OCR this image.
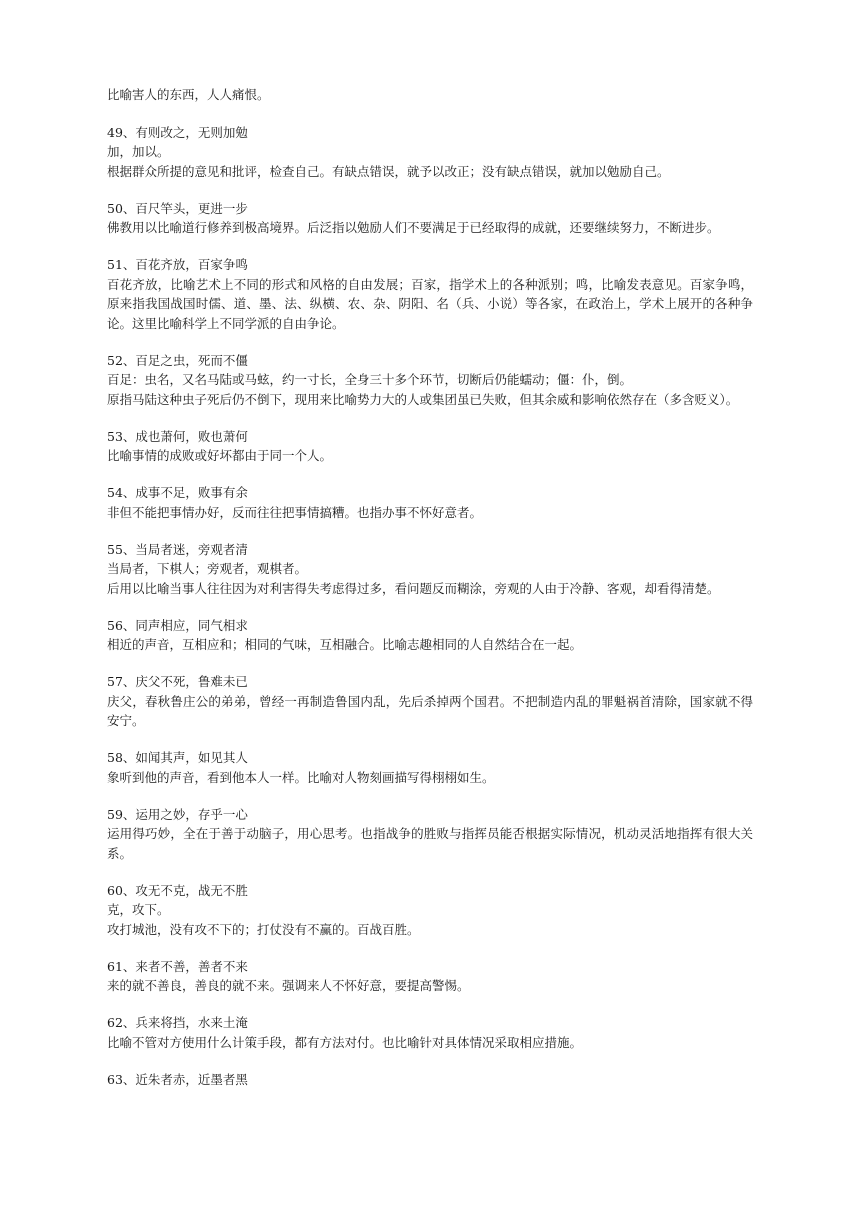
比喻害人的东西，人人痛恨。

49、有则改之，无则加勉

加，加以。

根据群众所提的意见和批评，检查自己。有缺点错误，就予以改正；没有缺点错误，就加以勉励自己。

50、百尺竿头，更进一步

佛教用以比喻道行修养到极高境界。后泛指以勉励人们不要满足于已经取得的成就，还要继续努力，不断进步。

51、百花齐放，百家争鸣

百花齐放，比喻艺术上不同的形式和风格的自由发展；百家，指学术上的各种派别；鸣，比喻发表意见。百家争鸣，原来指我国战国时儒、道、墨、法、纵横、农、杂、阴阳、名（兵、小说）等各家，在政治上，学术上展开的各种争论。这里比喻科学上不同学派的自由争论。

52、百足之虫，死而不僵

百足：虫名，又名马陆或马蚿，约一寸长，全身三十多个环节，切断后仍能蠕动；僵：仆，倒。

原指马陆这种虫子死后仍不倒下，现用来比喻势力大的人或集团虽已失败，但其余威和影响依然存在（多含贬义）。

53、成也萧何，败也萧何

比喻事情的成败或好坏都由于同一个人。

54、成事不足，败事有余

非但不能把事情办好，反而往往把事情搞糟。也指办事不怀好意者。

55、当局者迷，旁观者清

当局者，下棋人；旁观者，观棋者。

后用以比喻当事人往往因为对利害得失考虑得过多，看问题反而糊涂，旁观的人由于冷静、客观，却看得清楚。

56、同声相应，同气相求

相近的声音，互相应和；相同的气味，互相融合。比喻志趣相同的人自然结合在一起。

57、庆父不死，鲁难未已

庆父，春秋鲁庄公的弟弟，曾经一再制造鲁国内乱，先后杀掉两个国君。不把制造内乱的罪魁祸首清除，国家就不得安宁。

58、如闻其声，如见其人

象听到他的声音，看到他本人一样。比喻对人物刻画描写得栩栩如生。

59、运用之妙，存乎一心

运用得巧妙，全在于善于动脑子，用心思考。也指战争的胜败与指挥员能否根据实际情况，机动灵活地指挥有很大关系。

60、攻无不克，战无不胜

克，攻下。

攻打城池，没有攻不下的；打仗没有不赢的。百战百胜。

61、来者不善，善者不来

来的就不善良，善良的就不来。强调来人不怀好意，要提高警惕。

62、兵来将挡，水来土淹

比喻不管对方使用什么计策手段，都有方法对付。也比喻针对具体情况采取相应措施。

63、近朱者赤，近墨者黑
